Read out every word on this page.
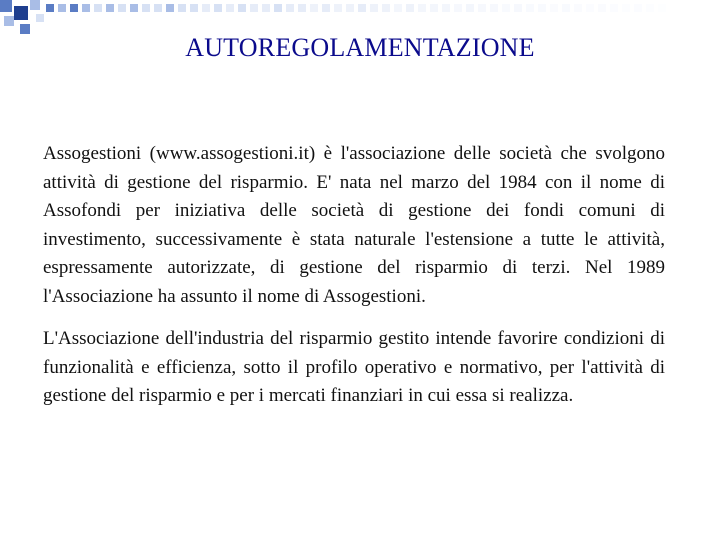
AUTOREGOLAMENTAZIONE

Assogestioni (www.assogestioni.it) è l'associazione delle società che svolgono attività di gestione del risparmio. E' nata nel marzo del 1984 con il nome di Assofondi per iniziativa delle società di gestione dei fondi comuni di investimento, successivamente è stata naturale l'estensione a tutte le attività, espressamente autorizzate, di gestione del risparmio di terzi. Nel 1989 l'Associazione ha assunto il nome di Assogestioni.

L'Associazione dell'industria del risparmio gestito intende favorire condizioni di funzionalità e efficienza, sotto il profilo operativo e normativo, per l'attività di gestione del risparmio e per i mercati finanziari in cui essa si realizza.
